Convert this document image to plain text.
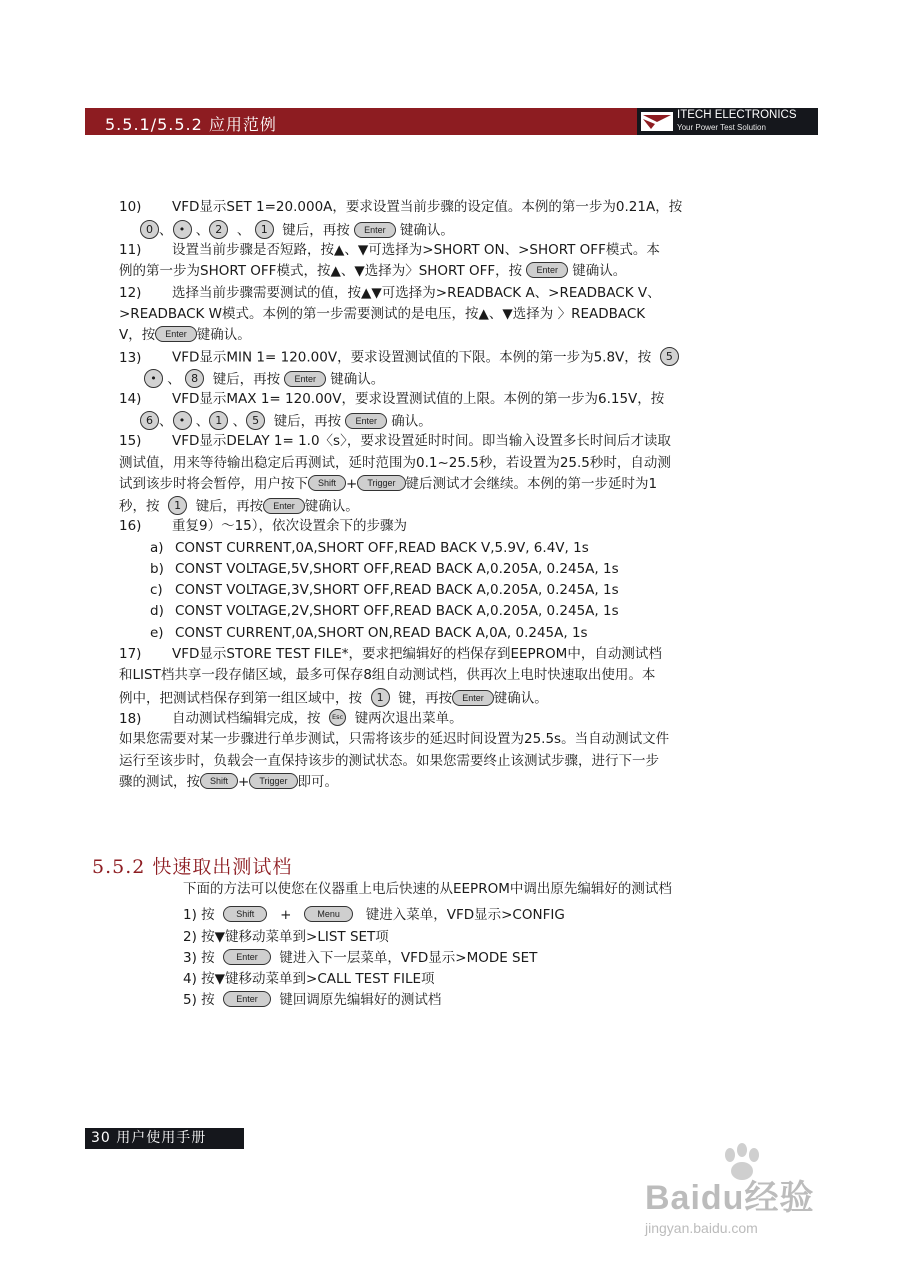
5.5.1/5.5.2 应用范例	ITECH ELECTRONICS
Your Power Test Solution
10) VFD显示SET 1=20.000A，要求设置当前步骤的设定值。本例的第一步为0.21A，按
0 、 • 、 2 、 1 键后，再按 Enter 键确认。
11) 设置当前步骤是否短路，按▲、▼可选择为>SHORT ON、>SHORT OFF模式。本
例的第一步为SHORT OFF模式，按▲、▼选择为〉SHORT OFF，按 Enter 键确认。
12) 选择当前步骤需要测试的值，按▲▼可选择为>READBACK A、>READBACK V、
>READBACK W模式。本例的第一步需要测试的是电压，按▲、▼选择为 〉READBACK
V，按 Enter 键确认。
13) VFD显示MIN 1= 120.00V，要求设置测试值的下限。本例的第一步为5.8V，按 5
• 、 8 键后，再按 Enter 键确认。
14) VFD显示MAX 1= 120.00V，要求设置测试值的上限。本例的第一步为6.15V，按
6 、 • 、 1 、 5 键后，再按 Enter 确认。
15) VFD显示DELAY 1= 1.0〈s〉，要求设置延时时间。即当输入设置多长时间后才读取
测试值，用来等待输出稳定后再测试，延时范围为0.1~25.5秒，若设置为25.5秒时，自动测
试到该步时将会暂停，用户按下 Shift + Trigger 键后测试才会继续。本例的第一步延时为1
秒，按 1 键后，再按 Enter 键确认。
16) 重复9）～15），依次设置余下的步骤为
a) CONST CURRENT,0A,SHORT OFF,READ BACK V,5.9V, 6.4V, 1s
b) CONST VOLTAGE,5V,SHORT OFF,READ BACK A,0.205A, 0.245A, 1s
c) CONST VOLTAGE,3V,SHORT OFF,READ BACK A,0.205A, 0.245A, 1s
d) CONST VOLTAGE,2V,SHORT OFF,READ BACK A,0.205A, 0.245A, 1s
e) CONST CURRENT,0A,SHORT ON,READ BACK A,0A, 0.245A, 1s
17) VFD显示STORE TEST FILE*，要求把编辑好的档保存到EEPROM中，自动测试档
和LIST档共享一段存储区域，最多可保存8组自动测试档，供再次上电时快速取出使用。本
例中，把测试档保存到第一组区域中，按 1 键，再按 Enter 键确认。
18) 自动测试档编辑完成，按 Esc 键两次退出菜单。
如果您需要对某一步骤进行单步测试，只需将该步的延迟时间设置为25.5s。当自动测试文件
运行至该步时，负载会一直保持该步的测试状态。如果您需要终止该测试步骤，进行下一步
骤的测试，按 Shift + Trigger 即可。
5.5.2 快速取出测试档
下面的方法可以使您在仪器重上电后快速的从EEPROM中调出原先编辑好的测试档
1) 按 Shift +	Menu 键进入菜单，VFD显示>CONFIG
2) 按▼键移动菜单到>LIST SET项
3) 按 Enter 键进入下一层菜单，VFD显示>MODE SET
4) 按▼键移动菜单到>CALL TEST FILE项
5) 按 Enter 键回调原先编辑好的测试档
30 用户使用手册
Baidu经验
jingyan.baidu.com
